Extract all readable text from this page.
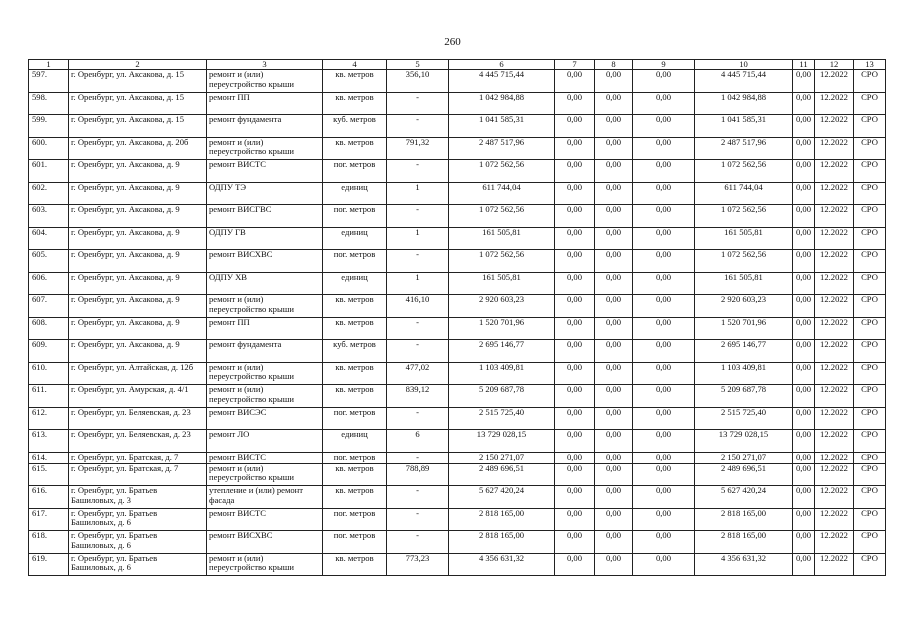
260
1	2	3	4	5	6	7	8	9	10	11	12	13
597.	г. Оренбург, ул. Аксакова, д. 15	ремонт и (или) переустройство крыши	кв. метров	356,10	4 445 715,44	0,00	0,00	0,00	4 445 715,44	0,00	12.2022	СРО
598.	г. Оренбург, ул. Аксакова, д. 15	ремонт ПП	кв. метров	-	1 042 984,88	0,00	0,00	0,00	1 042 984,88	0,00	12.2022	СРО
599.	г. Оренбург, ул. Аксакова, д. 15	ремонт фундамента	куб. метров	-	1 041 585,31	0,00	0,00	0,00	1 041 585,31	0,00	12.2022	СРО
600.	г. Оренбург, ул. Аксакова, д. 20б	ремонт и (или) переустройство крыши	кв. метров	791,32	2 487 517,96	0,00	0,00	0,00	2 487 517,96	0,00	12.2022	СРО
601.	г. Оренбург, ул. Аксакова, д. 9	ремонт ВИСТС	пог. метров	-	1 072 562,56	0,00	0,00	0,00	1 072 562,56	0,00	12.2022	СРО
602.	г. Оренбург, ул. Аксакова, д. 9	ОДПУ ТЭ	единиц	1	611 744,04	0,00	0,00	0,00	611 744,04	0,00	12.2022	СРО
603.	г. Оренбург, ул. Аксакова, д. 9	ремонт ВИСГВС	пог. метров	-	1 072 562,56	0,00	0,00	0,00	1 072 562,56	0,00	12.2022	СРО
604.	г. Оренбург, ул. Аксакова, д. 9	ОДПУ ГВ	единиц	1	161 505,81	0,00	0,00	0,00	161 505,81	0,00	12.2022	СРО
605.	г. Оренбург, ул. Аксакова, д. 9	ремонт ВИСХВС	пог. метров	-	1 072 562,56	0,00	0,00	0,00	1 072 562,56	0,00	12.2022	СРО
606.	г. Оренбург, ул. Аксакова, д. 9	ОДПУ ХВ	единиц	1	161 505,81	0,00	0,00	0,00	161 505,81	0,00	12.2022	СРО
607.	г. Оренбург, ул. Аксакова, д. 9	ремонт и (или) переустройство крыши	кв. метров	416,10	2 920 603,23	0,00	0,00	0,00	2 920 603,23	0,00	12.2022	СРО
608.	г. Оренбург, ул. Аксакова, д. 9	ремонт ПП	кв. метров	-	1 520 701,96	0,00	0,00	0,00	1 520 701,96	0,00	12.2022	СРО
609.	г. Оренбург, ул. Аксакова, д. 9	ремонт фундамента	куб. метров	-	2 695 146,77	0,00	0,00	0,00	2 695 146,77	0,00	12.2022	СРО
610.	г. Оренбург, ул. Алтайская, д. 12б	ремонт и (или) переустройство крыши	кв. метров	477,02	1 103 409,81	0,00	0,00	0,00	1 103 409,81	0,00	12.2022	СРО
611.	г. Оренбург, ул. Амурская, д. 4/1	ремонт и (или) переустройство крыши	кв. метров	839,12	5 209 687,78	0,00	0,00	0,00	5 209 687,78	0,00	12.2022	СРО
612.	г. Оренбург, ул. Беляевская, д. 23	ремонт ВИСЭС	пог. метров	-	2 515 725,40	0,00	0,00	0,00	2 515 725,40	0,00	12.2022	СРО
613.	г. Оренбург, ул. Беляевская, д. 23	ремонт ЛО	единиц	6	13 729 028,15	0,00	0,00	0,00	13 729 028,15	0,00	12.2022	СРО
614.	г. Оренбург, ул. Братская, д. 7	ремонт ВИСТС	пог. метров	-	2 150 271,07	0,00	0,00	0,00	2 150 271,07	0,00	12.2022	СРО
615.	г. Оренбург, ул. Братская, д. 7	ремонт и (или) переустройство крыши	кв. метров	788,89	2 489 696,51	0,00	0,00	0,00	2 489 696,51	0,00	12.2022	СРО
616.	г. Оренбург, ул. Братьев Башиловых, д. 3	утепление и (или) ремонт фасада	кв. метров	-	5 627 420,24	0,00	0,00	0,00	5 627 420,24	0,00	12.2022	СРО
617.	г. Оренбург, ул. Братьев Башиловых, д. 6	ремонт ВИСТС	пог. метров	-	2 818 165,00	0,00	0,00	0,00	2 818 165,00	0,00	12.2022	СРО
618.	г. Оренбург, ул. Братьев Башиловых, д. 6	ремонт ВИСХВС	пог. метров	-	2 818 165,00	0,00	0,00	0,00	2 818 165,00	0,00	12.2022	СРО
619.	г. Оренбург, ул. Братьев Башиловых, д. 6	ремонт и (или) переустройство крыши	кв. метров	773,23	4 356 631,32	0,00	0,00	0,00	4 356 631,32	0,00	12.2022	СРО
